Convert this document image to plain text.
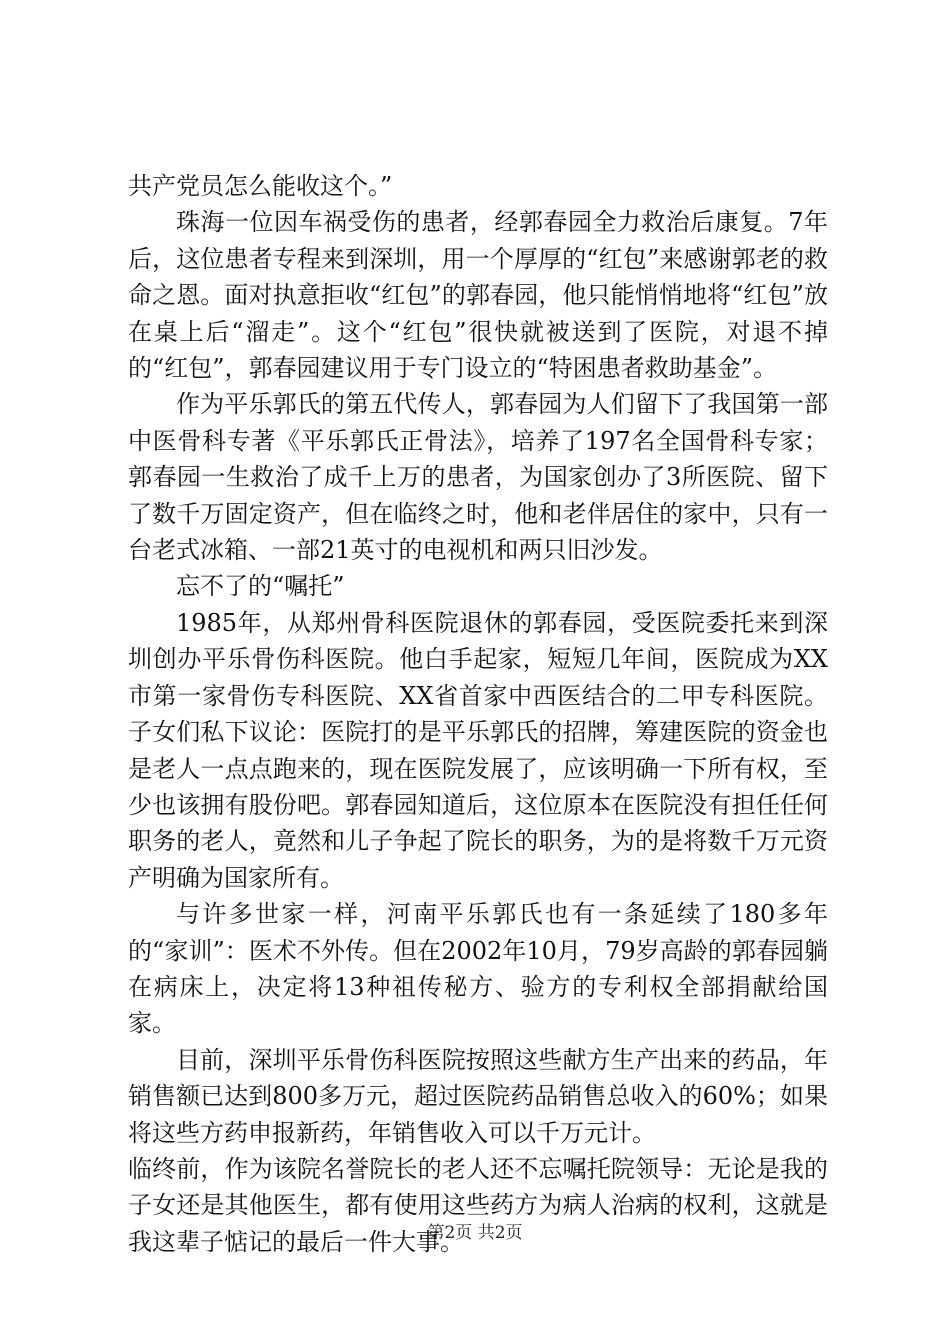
共产党员怎么能收这个。”

珠海一位因车祸受伤的患者，经郭春园全力救治后康复。7年后，这位患者专程来到深圳，用一个厚厚的“红包”来感谢郭老的救命之恩。面对执意拒收“红包”的郭春园，他只能悄悄地将“红包”放在桌上后“溜走”。这个“红包”很快就被送到了医院，对退不掉的“红包”，郭春园建议用于专门设立的“特困患者救助基金”。

作为平乐郭氏的第五代传人，郭春园为人们留下了我国第一部中医骨科专著《平乐郭氏正骨法》，培养了197名全国骨科专家；郭春园一生救治了成千上万的患者，为国家创办了3所医院、留下了数千万固定资产，但在临终之时，他和老伴居住的家中，只有一台老式冰箱、一部21英寸的电视机和两只旧沙发。

忘不了的“嘱托”

1985年，从郑州骨科医院退休的郭春园，受医院委托来到深圳创办平乐骨伤科医院。他白手起家，短短几年间，医院成为XX市第一家骨伤专科医院、XX省首家中西医结合的二甲专科医院。子女们私下议论：医院打的是平乐郭氏的招牌，筹建医院的资金也是老人一点点跑来的，现在医院发展了，应该明确一下所有权，至少也该拥有股份吧。郭春园知道后，这位原本在医院没有担任任何职务的老人，竟然和儿子争起了院长的职务，为的是将数千万元资产明确为国家所有。

与许多世家一样，河南平乐郭氏也有一条延续了180多年的“家训”：医术不外传。但在2002年10月，79岁高龄的郭春园躺在病床上，决定将13种祖传秘方、验方的专利权全部捐献给国家。

目前，深圳平乐骨伤科医院按照这些献方生产出来的药品，年销售额已达到800多万元，超过医院药品销售总收入的60%；如果将这些方药申报新药，年销售收入可以千万元计。

临终前，作为该院名誉院长的老人还不忘嘱托院领导：无论是我的子女还是其他医生，都有使用这些药方为病人治病的权利，这就是我这辈子惦记的最后一件大事。

第2页 共2页
